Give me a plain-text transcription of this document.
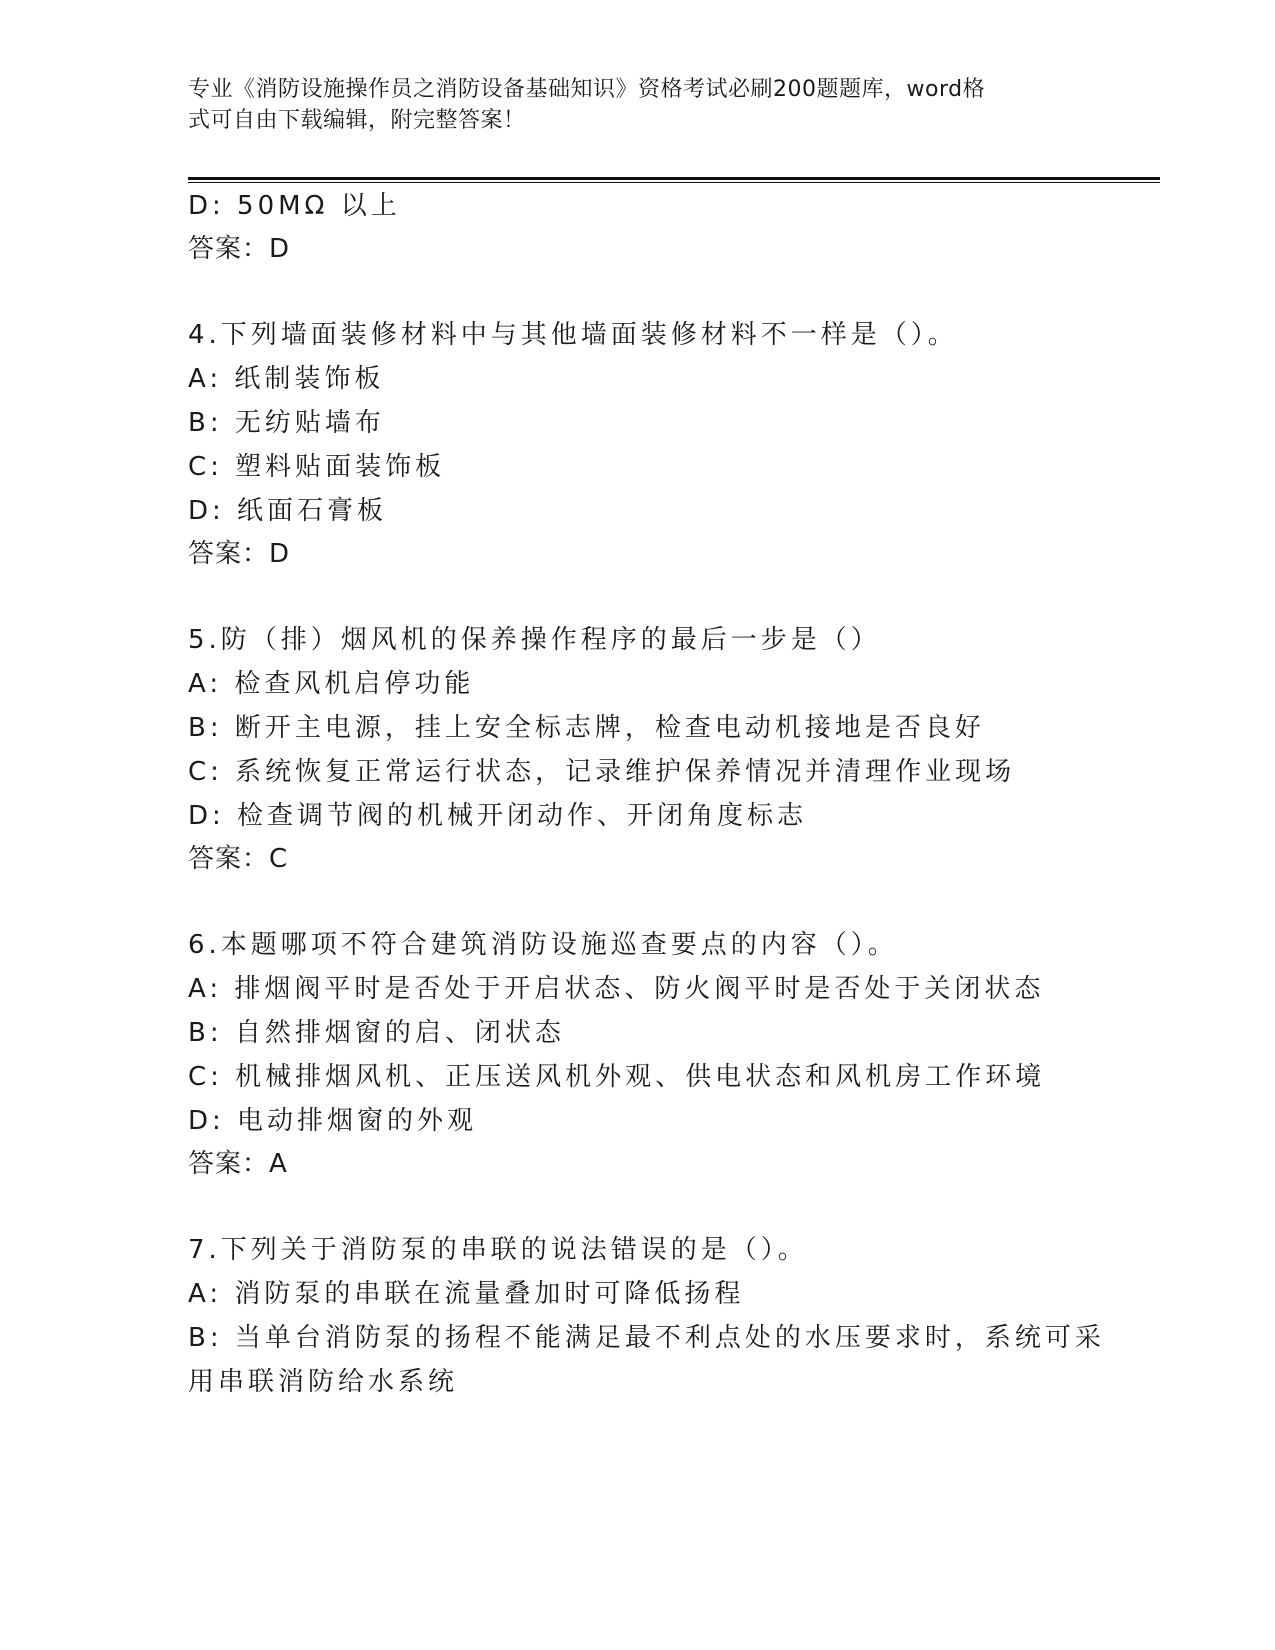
专业《消防设施操作员之消防设备基础知识》资格考试必刷200题题库，word格
式可自由下载编辑，附完整答案！
D: 50MΩ 以上
答案：D
4.下列墙面装修材料中与其他墙面装修材料不一样是（）。
A: 纸制装饰板
B: 无纺贴墙布
C: 塑料贴面装饰板
D: 纸面石膏板
答案：D
5.防（排）烟风机的保养操作程序的最后一步是（）
A: 检查风机启停功能
B: 断开主电源，挂上安全标志牌，检查电动机接地是否良好
C: 系统恢复正常运行状态，记录维护保养情况并清理作业现场
D: 检查调节阀的机械开闭动作、开闭角度标志
答案：C
6.本题哪项不符合建筑消防设施巡查要点的内容（）。
A: 排烟阀平时是否处于开启状态、防火阀平时是否处于关闭状态
B: 自然排烟窗的启、闭状态
C: 机械排烟风机、正压送风机外观、供电状态和风机房工作环境
D: 电动排烟窗的外观
答案：A
7.下列关于消防泵的串联的说法错误的是（）。
A: 消防泵的串联在流量叠加时可降低扬程
B: 当单台消防泵的扬程不能满足最不利点处的水压要求时，系统可采
用串联消防给水系统
